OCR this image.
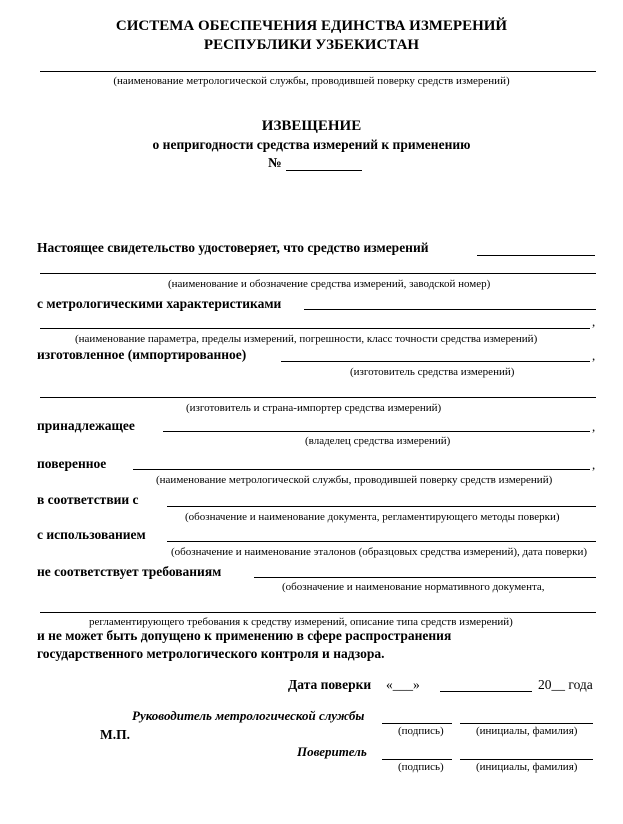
СИСТЕМА ОБЕСПЕЧЕНИЯ ЕДИНСТВА ИЗМЕРЕНИЙ
РЕСПУБЛИКИ УЗБЕКИСТАН
(наименование метрологической службы, проводившей поверку средств измерений)
ИЗВЕЩЕНИЕ
о непригодности средства измерений к применению
№
Настоящее свидетельство удостоверяет, что средство измерений
(наименование и обозначение средства измерений, заводской номер)
с метрологическими характеристиками
,
(наименование параметра, пределы измерений, погрешности, класс точности средства измерений)
изготовленное (импортированное)	,
(изготовитель средства измерений)
(изготовитель и страна-импортер средства измерений)
принадлежащее	,
(владелец средства измерений)
поверенное	,
(наименование метрологической службы, проводившей поверку средств измерений)
в соответствии с
(обозначение и наименование документа, регламентирующего методы поверки)
с использованием
(обозначение и наименование эталонов (образцовых средства измерений), дата поверки)
не соответствует требованиям
(обозначение и наименование нормативного документа,
регламентирующего требования к средству измерений, описание типа средств измерений)
и не может быть допущено к применению в сфере распространения
государственного метрологического контроля и надзора.
Дата поверки «___»	20__ года
Руководитель метрологической службы
(подпись)	(инициалы, фамилия)
М.П.
Поверитель
(подпись)	(инициалы, фамилия)
